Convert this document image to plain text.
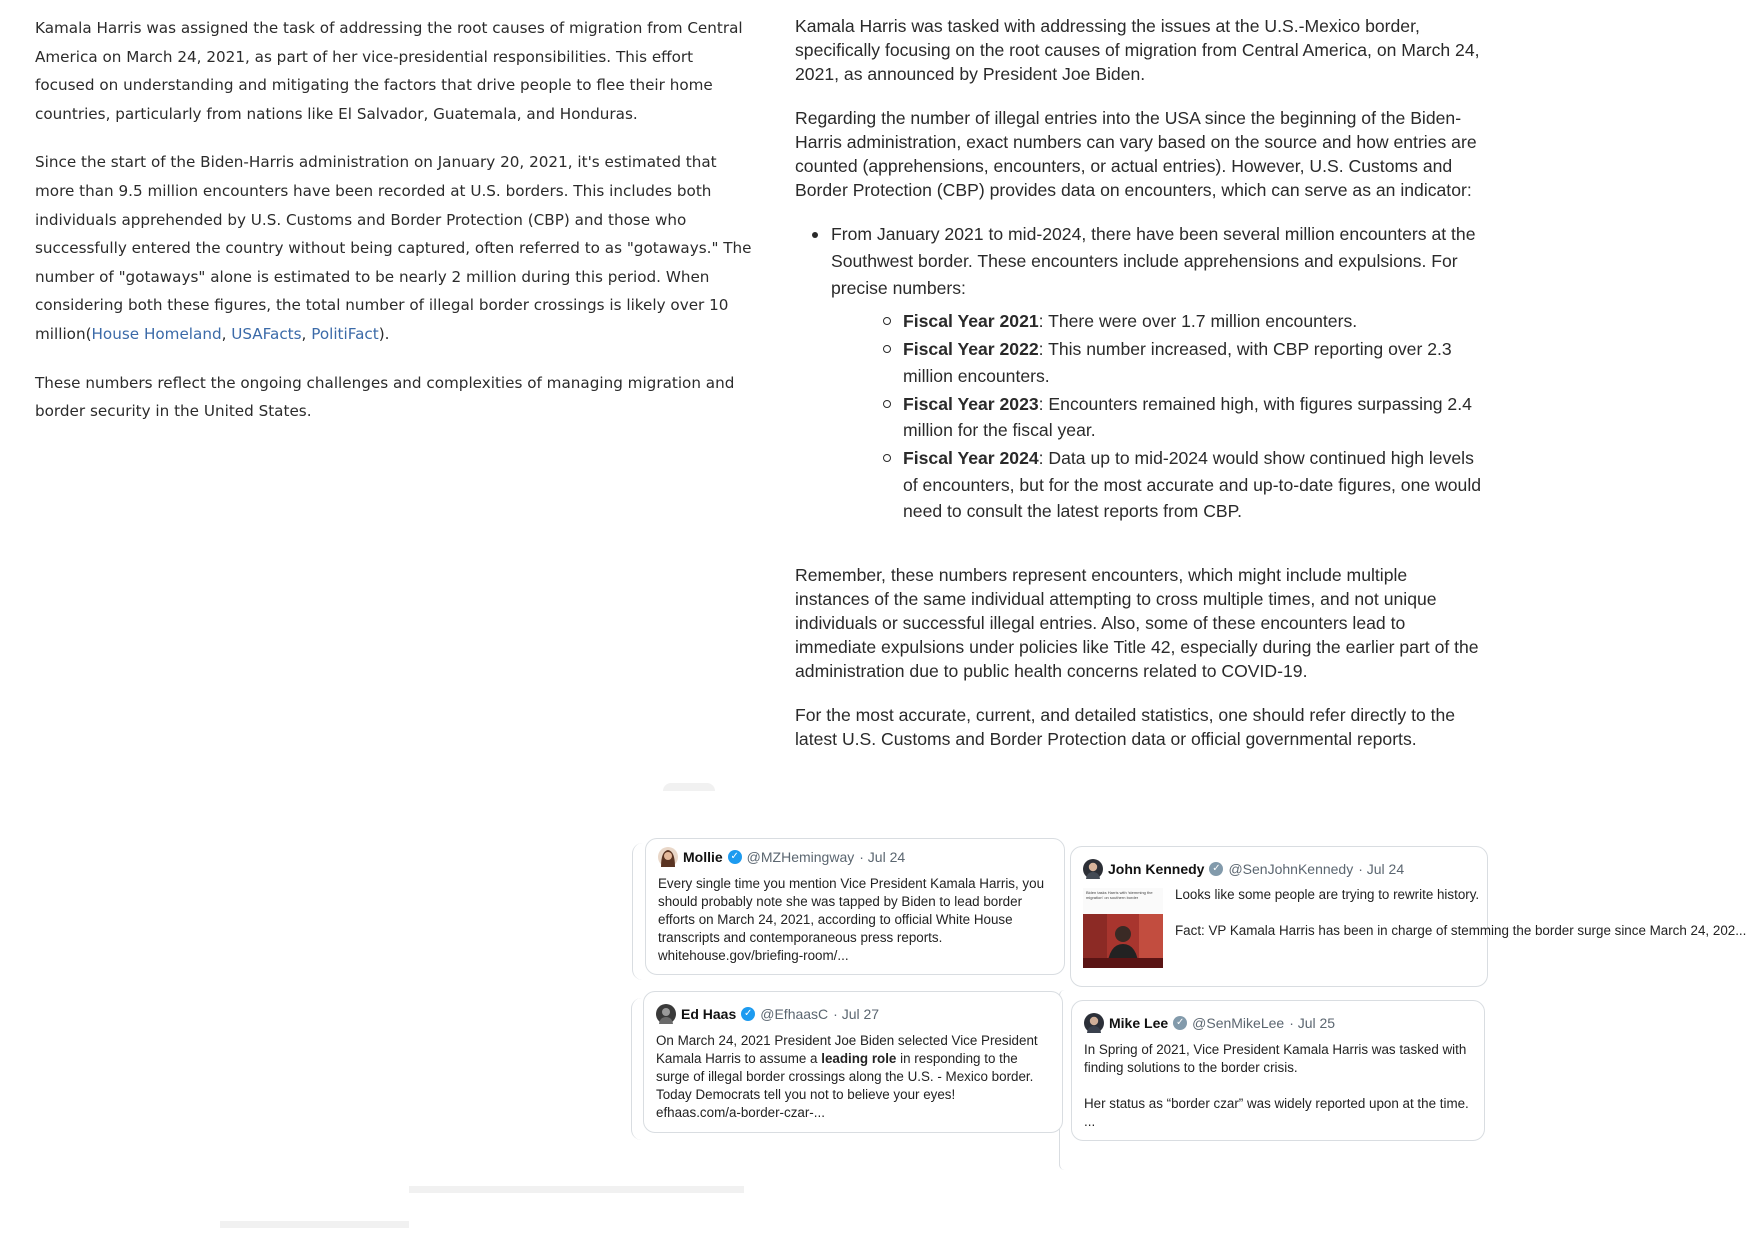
Kamala Harris was assigned the task of addressing the root causes of migration from Central America on March 24, 2021, as part of her vice-presidential responsibilities. This effort focused on understanding and mitigating the factors that drive people to flee their home countries, particularly from nations like El Salvador, Guatemala, and Honduras.

Since the start of the Biden-Harris administration on January 20, 2021, it's estimated that more than 9.5 million encounters have been recorded at U.S. borders. This includes both individuals apprehended by U.S. Customs and Border Protection (CBP) and those who successfully entered the country without being captured, often referred to as "gotaways." The number of "gotaways" alone is estimated to be nearly 2 million during this period. When considering both these figures, the total number of illegal border crossings is likely over 10 million(House Homeland, USAFacts, PolitiFact).

These numbers reflect the ongoing challenges and complexities of managing migration and border security in the United States.

Kamala Harris was tasked with addressing the issues at the U.S.-Mexico border, specifically focusing on the root causes of migration from Central America, on March 24, 2021, as announced by President Joe Biden.

Regarding the number of illegal entries into the USA since the beginning of the Biden-Harris administration, exact numbers can vary based on the source and how entries are counted (apprehensions, encounters, or actual entries). However, U.S. Customs and Border Protection (CBP) provides data on encounters, which can serve as an indicator:

From January 2021 to mid-2024, there have been several million encounters at the Southwest border. These encounters include apprehensions and expulsions. For precise numbers:
Fiscal Year 2021: There were over 1.7 million encounters.
Fiscal Year 2022: This number increased, with CBP reporting over 2.3 million encounters.
Fiscal Year 2023: Encounters remained high, with figures surpassing 2.4 million for the fiscal year.
Fiscal Year 2024: Data up to mid-2024 would show continued high levels of encounters, but for the most accurate and up-to-date figures, one would need to consult the latest reports from CBP.

Remember, these numbers represent encounters, which might include multiple instances of the same individual attempting to cross multiple times, and not unique individuals or successful illegal entries. Also, some of these encounters lead to immediate expulsions under policies like Title 42, especially during the earlier part of the administration due to public health concerns related to COVID-19.

For the most accurate, current, and detailed statistics, one should refer directly to the latest U.S. Customs and Border Protection data or official governmental reports.

Mollie ✓ @MZHemingway · Jul 24
Every single time you mention Vice President Kamala Harris, you should probably note she was tapped by Biden to lead border efforts on March 24, 2021, according to official White House transcripts and contemporaneous press reports.
whitehouse.gov/briefing-room/...
John Kennedy ✓ @SenJohnKennedy · Jul 24
Biden tasks Harris with 'stemming the migration' on southern border	Looks like some people are trying to rewrite history.
Fact: VP Kamala Harris has been in charge of stemming the border surge since March 24, 202...
Ed Haas ✓ @EfhaasC · Jul 27
On March 24, 2021 President Joe Biden selected Vice President Kamala Harris to assume a leading role in responding to the surge of illegal border crossings along the U.S. - Mexico border. Today Democrats tell you not to believe your eyes!
efhaas.com/a-border-czar-...
Mike Lee ✓ @SenMikeLee · Jul 25
In Spring of 2021, Vice President Kamala Harris was tasked with finding solutions to the border crisis.
Her status as “border czar” was widely reported upon at the time. ...
